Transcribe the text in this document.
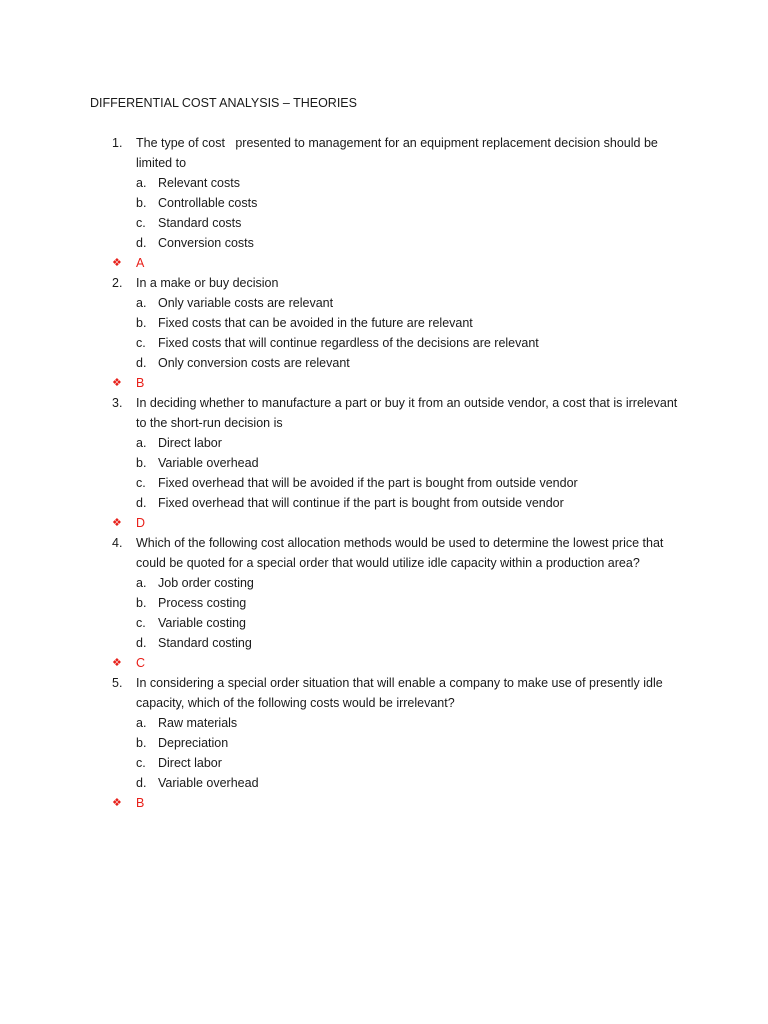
DIFFERENTIAL COST ANALYSIS – THEORIES
1.	The type of cost   presented to management for an equipment replacement decision should be limited to
a. Relevant costs
b. Controllable costs
c. Standard costs
d. Conversion costs
❖ A
2.	In a make or buy decision
a. Only variable costs are relevant
b. Fixed costs that can be avoided in the future are relevant
c. Fixed costs that will continue regardless of the decisions are relevant
d. Only conversion costs are relevant
❖ B
3.	In deciding whether to manufacture a part or buy it from an outside vendor, a cost that is irrelevant to the short-run decision is
a. Direct labor
b. Variable overhead
c. Fixed overhead that will be avoided if the part is bought from outside vendor
d. Fixed overhead that will continue if the part is bought from outside vendor
❖ D
4.	Which of the following cost allocation methods would be used to determine the lowest price that could be quoted for a special order that would utilize idle capacity within a production area?
a. Job order costing
b. Process costing
c. Variable costing
d. Standard costing
❖ C
5.	In considering a special order situation that will enable a company to make use of presently idle capacity, which of the following costs would be irrelevant?
a. Raw materials
b. Depreciation
c. Direct labor
d. Variable overhead
❖ B
